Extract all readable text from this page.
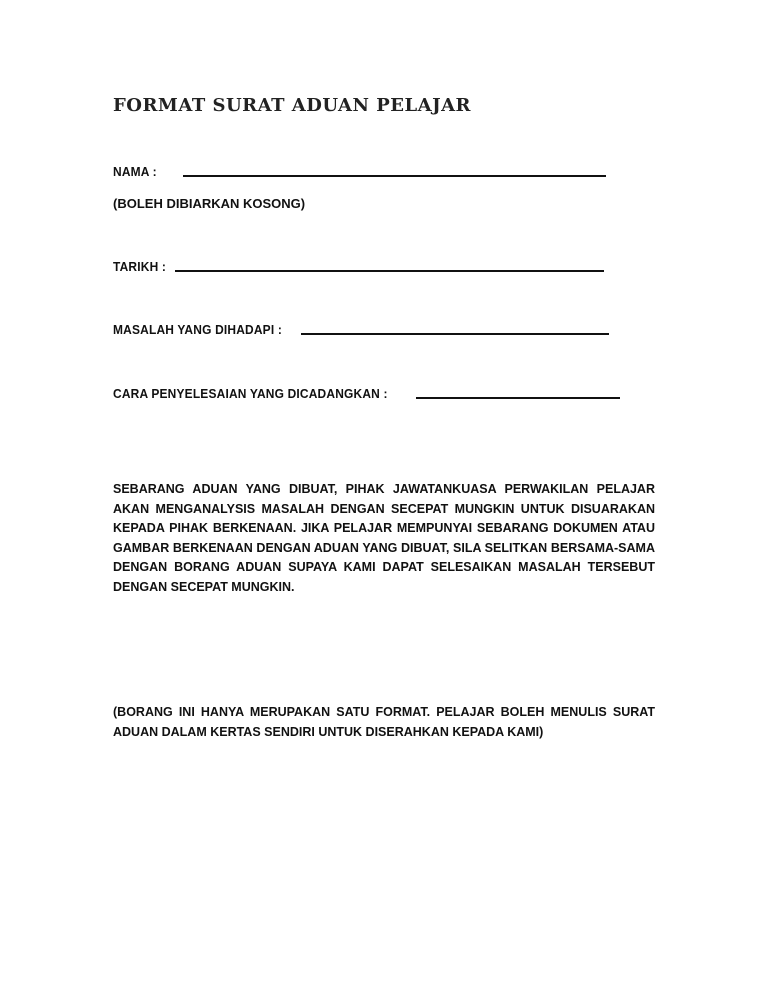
FORMAT SURAT ADUAN PELAJAR
NAMA :
(BOLEH DIBIARKAN KOSONG)
TARIKH :
MASALAH YANG DIHADAPI :
CARA PENYELESAIAN YANG DICADANGKAN :
SEBARANG ADUAN YANG DIBUAT, PIHAK JAWATANKUASA PERWAKILAN PELAJAR AKAN MENGANALYSIS MASALAH DENGAN SECEPAT MUNGKIN UNTUK DISUARAKAN KEPADA PIHAK BERKENAAN. JIKA PELAJAR MEMPUNYAI SEBARANG DOKUMEN ATAU GAMBAR BERKENAAN DENGAN ADUAN YANG DIBUAT, SILA SELITKAN BERSAMA-SAMA DENGAN BORANG ADUAN SUPAYA KAMI DAPAT SELESAIKAN MASALAH TERSEBUT DENGAN SECEPAT MUNGKIN.
(BORANG INI HANYA MERUPAKAN SATU FORMAT. PELAJAR BOLEH MENULIS SURAT ADUAN DALAM KERTAS SENDIRI UNTUK DISERAHKAN KEPADA KAMI)
